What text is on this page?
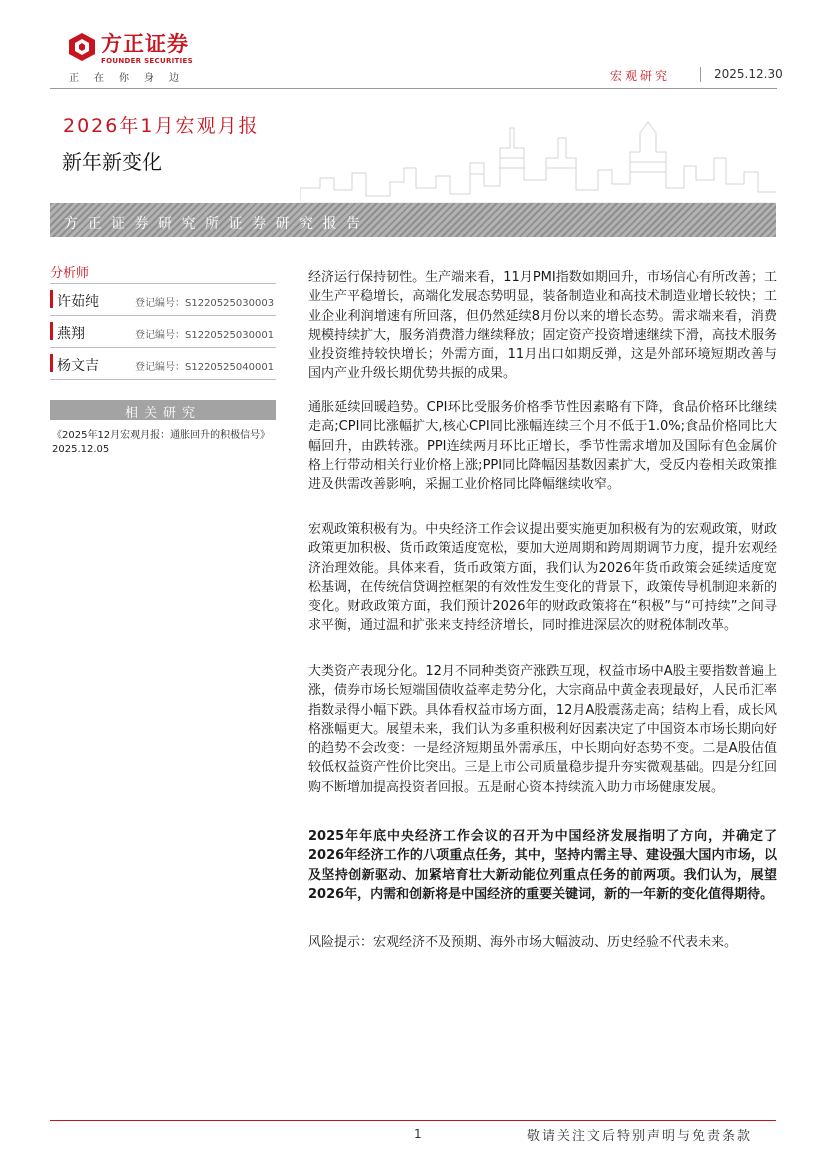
方正证券
FOUNDER SECURITIES
正在你身边	宏观研究	2025.12.30
2026年1月宏观月报
新年新变化
方正证券研究所证券研究报告
分析师
许茹纯	登记编号：S1220525030003
燕翔	登记编号：S1220525030001
杨文吉	登记编号：S1220525040001
相关研究
《2025年12月宏观月报：通胀回升的积极信号》2025.12.05

经济运行保持韧性。生产端来看，11月PMI指数如期回升，市场信心有所改善；工业生产平稳增长，高端化发展态势明显，装备制造业和高技术制造业增长较快；工业企业利润增速有所回落，但仍然延续8月份以来的增长态势。需求端来看，消费规模持续扩大，服务消费潜力继续释放；固定资产投资增速继续下滑，高技术服务业投资维持较快增长；外需方面，11月出口如期反弹，这是外部环境短期改善与国内产业升级长期优势共振的成果。

通胀延续回暖趋势。CPI环比受服务价格季节性因素略有下降，食品价格环比继续走高;CPI同比涨幅扩大,核心CPI同比涨幅连续三个月不低于1.0%;食品价格同比大幅回升，由跌转涨。PPI连续两月环比正增长，季节性需求增加及国际有色金属价格上行带动相关行业价格上涨;PPI同比降幅因基数因素扩大，受反内卷相关政策推进及供需改善影响，采掘工业价格同比降幅继续收窄。

宏观政策积极有为。中央经济工作会议提出要实施更加积极有为的宏观政策，财政政策更加积极、货币政策适度宽松，要加大逆周期和跨周期调节力度，提升宏观经济治理效能。具体来看，货币政策方面，我们认为2026年货币政策会延续适度宽松基调，在传统信贷调控框架的有效性发生变化的背景下，政策传导机制迎来新的变化。财政政策方面，我们预计2026年的财政政策将在“积极”与“可持续”之间寻求平衡，通过温和扩张来支持经济增长，同时推进深层次的财税体制改革。

大类资产表现分化。12月不同种类资产涨跌互现，权益市场中A股主要指数普遍上涨，债券市场长短端国债收益率走势分化，大宗商品中黄金表现最好，人民币汇率指数录得小幅下跌。具体看权益市场方面，12月A股震荡走高；结构上看，成长风格涨幅更大。展望未来，我们认为多重积极利好因素决定了中国资本市场长期向好的趋势不会改变：一是经济短期虽外需承压，中长期向好态势不变。二是A股估值较低权益资产性价比突出。三是上市公司质量稳步提升夯实微观基础。四是分红回购不断增加提高投资者回报。五是耐心资本持续流入助力市场健康发展。

2025年年底中央经济工作会议的召开为中国经济发展指明了方向，并确定了2026年经济工作的八项重点任务，其中，坚持内需主导、建设强大国内市场，以及坚持创新驱动、加紧培育壮大新动能位列重点任务的前两项。我们认为，展望2026年，内需和创新将是中国经济的重要关键词，新的一年新的变化值得期待。

风险提示：宏观经济不及预期、海外市场大幅波动、历史经验不代表未来。

1	敬请关注文后特别声明与免责条款
